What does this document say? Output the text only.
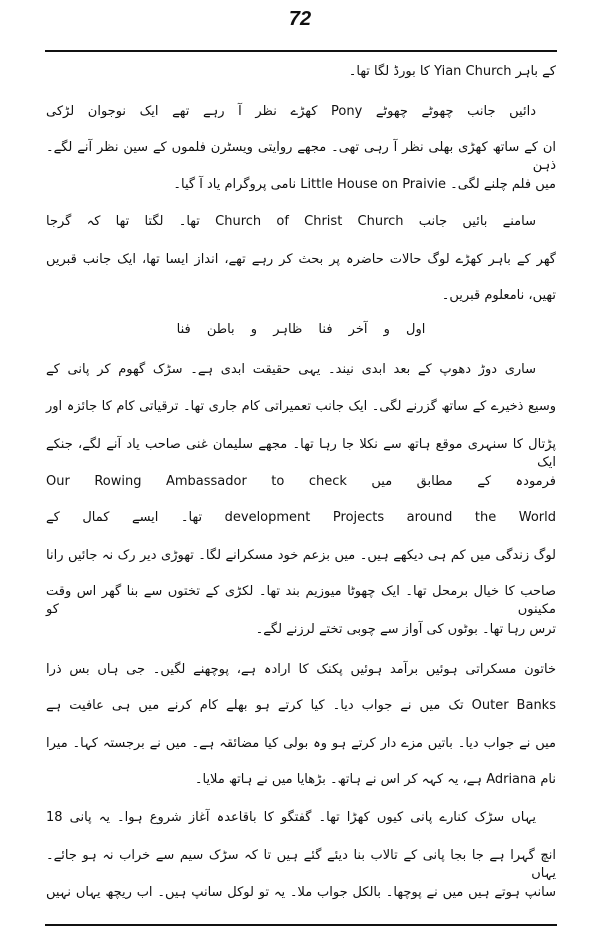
72
کے باہر Yian Church کا بورڈ لگا تھا۔
دائیں جانب چھوٹے چھوٹے Pony کھڑے نظر آ رہے تھے ایک نوجوان لڑکی
ان کے ساتھ کھڑی بھلی نظر آ رہی تھی۔ مجھے روایتی ویسٹرن فلموں کے سین نظر آنے لگے۔ ذہن
میں فلم چلنے لگی۔ Little House on Praivie نامی پروگرام یاد آ گیا۔
سامنے بائیں جانب Church of Christ Church تھا۔ لگتا تھا کہ گرجا
گھر کے باہر کھڑے لوگ حالات حاضرہ پر بحث کر رہے تھے، انداز ایسا تھا، ایک جانب قبریں
تھیں، نامعلوم قبریں۔
اول و آخر فنا ظاہر و باطن فنا
ساری دوڑ دھوپ کے بعد ابدی نیند۔ یہی حقیقت ابدی ہے۔ سڑک گھوم کر پانی کے
وسیع ذخیرے کے ساتھ گزرنے لگی۔ ایک جانب تعمیراتی کام جاری تھا۔ ترقیاتی کام کا جائزہ اور
پڑتال کا سنہری موقع ہاتھ سے نکلا جا رہا تھا۔ مجھے سلیمان غنی صاحب یاد آنے لگے، جنکے ایک
فرمودہ کے مطابق میں Our Rowing Ambassador to check
development Projects around the World تھا۔ ایسے کمال کے
لوگ زندگی میں کم ہی دیکھے ہیں۔ میں بزعم خود مسکرانے لگا۔ تھوڑی دیر رک نہ جائیں رانا
صاحب کا خیال برمحل تھا۔ ایک چھوٹا میوزیم بند تھا۔ لکڑی کے تختوں سے بنا گھر اس وقت مکینوں کو
ترس رہا تھا۔ بوٹوں کی آواز سے چوبی تختے لرزنے لگے۔
خاتون مسکراتی ہوئیں برآمد ہوئیں پکنک کا ارادہ ہے، پوچھنے لگیں۔ جی ہاں بس ذرا
Outer Banks تک میں نے جواب دیا۔ کیا کرتے ہو بھلے کام کرنے میں ہی عافیت ہے
میں نے جواب دیا۔ باتیں مزے دار کرتے ہو وہ بولی کیا مضائقہ ہے۔ میں نے برجستہ کہا۔ میرا
نام Adriana ہے، یہ کہہ کر اس نے ہاتھ۔ بڑھایا میں نے ہاتھ ملایا۔
یہاں سڑک کنارے پانی کیوں کھڑا تھا۔ گفتگو کا باقاعدہ آغاز شروع ہوا۔ یہ پانی 18
انچ گہرا ہے جا بجا پانی کے تالاب بنا دیئے گئے ہیں تا کہ سڑک سیم سے خراب نہ ہو جائے۔ یہاں
سانپ ہوتے ہیں میں نے پوچھا۔ بالکل جواب ملا۔ یہ تو لوکل سانپ ہیں۔ اب ریچھ یہاں نہیں
